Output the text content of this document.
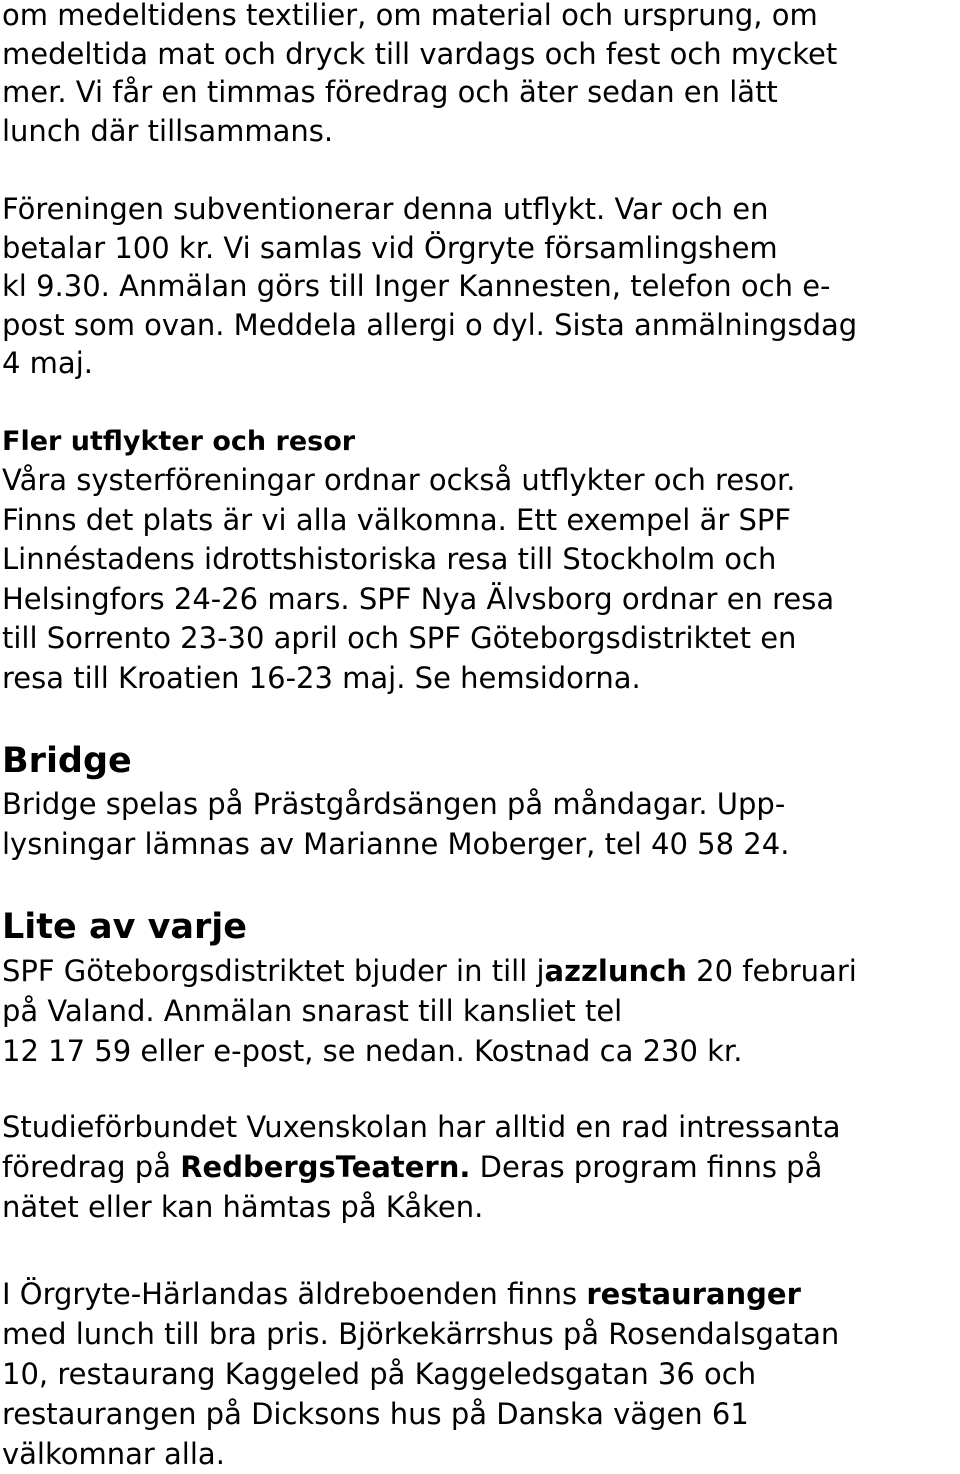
om medeltidens textilier, om material och ursprung, om
medeltida mat och dryck till vardags och fest och mycket
mer. Vi får en timmas föredrag och äter sedan en lätt
lunch där tillsammans.

Föreningen subventionerar denna utflykt. Var och en
betalar 100 kr. Vi samlas vid Örgryte församlingshem
kl 9.30. Anmälan görs till Inger Kannesten, telefon och e-
post som ovan. Meddela allergi o dyl. Sista anmälningsdag
4 maj.

Fler utflykter och resor

Våra systerföreningar ordnar också utflykter och resor.
Finns det plats är vi alla välkomna. Ett exempel är SPF
Linnéstadens idrottshistoriska resa till Stockholm och
Helsingfors 24-26 mars. SPF Nya Älvsborg ordnar en resa
till Sorrento 23-30 april och SPF Göteborgsdistriktet en
resa till Kroatien 16-23 maj. Se hemsidorna.

Bridge

Bridge spelas på Prästgårdsängen på måndagar. Upp-
lysningar lämnas av Marianne Moberger, tel 40 58 24.

Lite av varje

SPF Göteborgsdistriktet bjuder in till jazzlunch 20 februari
på Valand. Anmälan snarast till kansliet tel
12 17 59 eller e-post, se nedan. Kostnad ca 230 kr.

Studieförbundet Vuxenskolan har alltid en rad intressanta
föredrag på RedbergsTeatern. Deras program finns på
nätet eller kan hämtas på Kåken.

I Örgryte-Härlandas äldreboenden finns restauranger
med lunch till bra pris. Björkekärrshus på Rosendalsgatan
10, restaurang Kaggeled på Kaggeledsgatan 36 och
restaurangen på Dicksons hus på Danska vägen 61
välkomnar alla.
